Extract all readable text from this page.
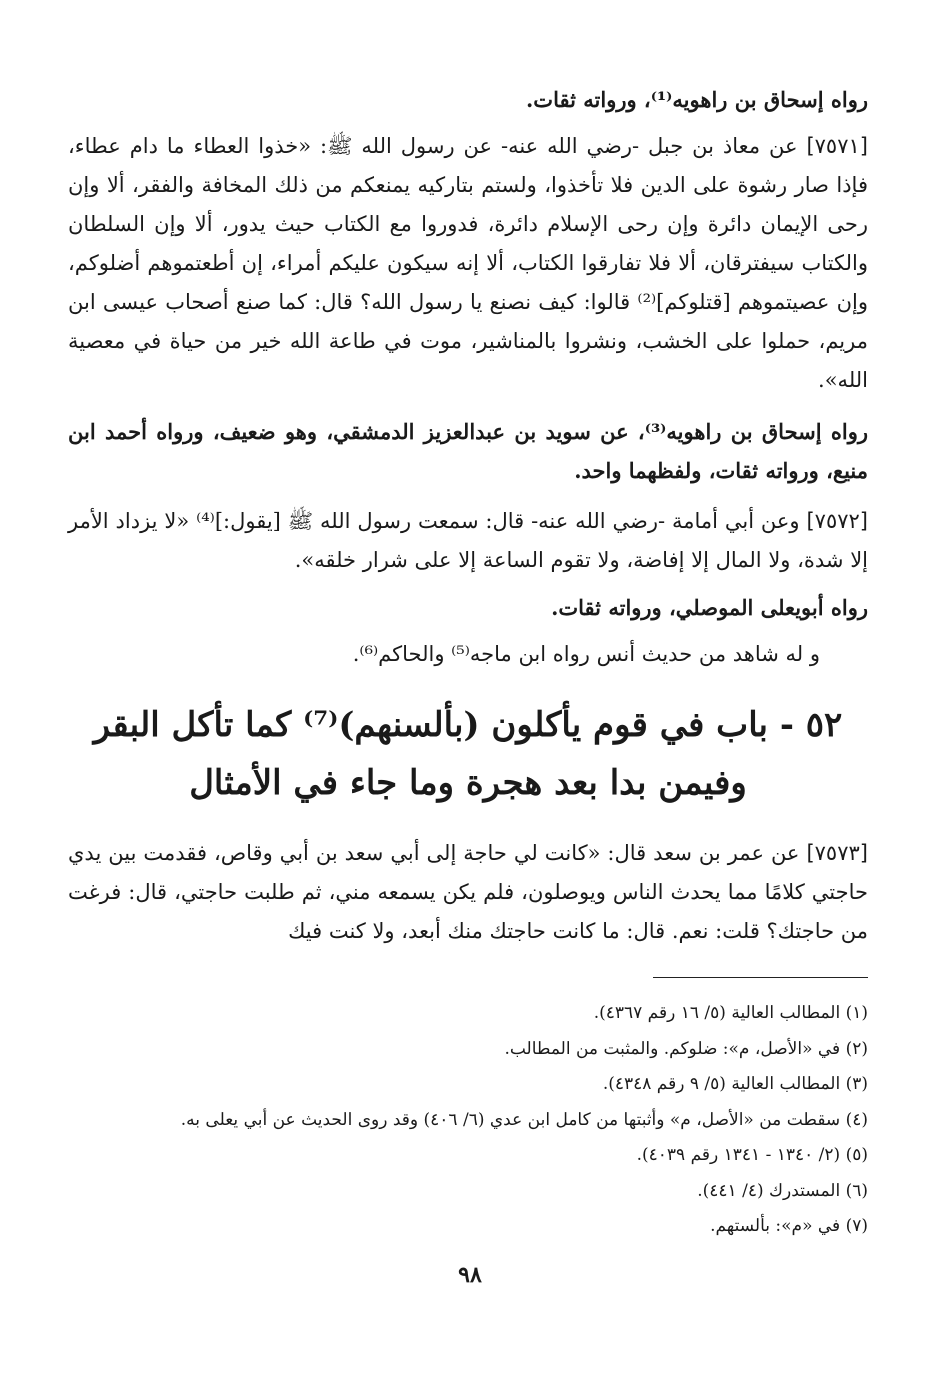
رواه إسحاق بن راهويه⁽¹⁾، ورواته ثقات.

[٧٥٧١] عن معاذ بن جبل -رضي الله عنه- عن رسول الله ﷺ: «خذوا العطاء ما دام عطاء، فإذا صار رشوة على الدين فلا تأخذوا، ولستم بتاركيه يمنعكم من ذلك المخافة والفقر، ألا وإن رحى الإيمان دائرة وإن رحى الإسلام دائرة، فدوروا مع الكتاب حيث يدور، ألا وإن السلطان والكتاب سيفترقان، ألا فلا تفارقوا الكتاب، ألا إنه سيكون عليكم أمراء، إن أطعتموهم أضلوكم، وإن عصيتموهم [قتلوكم]⁽²⁾ قالوا: كيف نصنع يا رسول الله؟ قال: كما صنع أصحاب عيسى ابن مريم، حملوا على الخشب، ونشروا بالمناشير، موت في طاعة الله خير من حياة في معصية الله».

رواه إسحاق بن راهويه⁽³⁾، عن سويد بن عبدالعزيز الدمشقي، وهو ضعيف، ورواه أحمد ابن منيع، ورواته ثقات، ولفظهما واحد.

[٧٥٧٢] وعن أبي أمامة -رضي الله عنه- قال: سمعت رسول الله ﷺ [يقول:]⁽⁴⁾ «لا يزداد الأمر إلا شدة، ولا المال إلا إفاضة، ولا تقوم الساعة إلا على شرار خلقه».

رواه أبويعلى الموصلي، ورواته ثقات.

و له شاهد من حديث أنس رواه ابن ماجه⁽⁵⁾ والحاكم⁽⁶⁾.

٥٢ - باب في قوم يأكلون (بألسنهم)⁽⁷⁾ كما تأكل البقر
وفيمن بدا بعد هجرة وما جاء في الأمثال

[٧٥٧٣] عن عمر بن سعد قال: «كانت لي حاجة إلى أبي سعد بن أبي وقاص، فقدمت بين يدي حاجتي كلامًا مما يحدث الناس ويوصلون، فلم يكن يسمعه مني، ثم طلبت حاجتي، قال: فرغت من حاجتك؟ قلت: نعم. قال: ما كانت حاجتك منك أبعد، ولا كنت فيك

(١) المطالب العالية (٥/ ١٦ رقم ٤٣٦٧).

(٢) في «الأصل، م»: ضلوكم. والمثبت من المطالب.

(٣) المطالب العالية (٥/ ٩ رقم ٤٣٤٨).

(٤) سقطت من «الأصل، م» وأثبتها من كامل ابن عدي (٦/ ٤٠٦) وقد روى الحديث عن أبي يعلى به.

(٥) (٢/ ١٣٤٠ - ١٣٤١ رقم ٤٠٣٩).

(٦) المستدرك (٤/ ٤٤١).

(٧) في «م»: بألستهم.

٩٨
